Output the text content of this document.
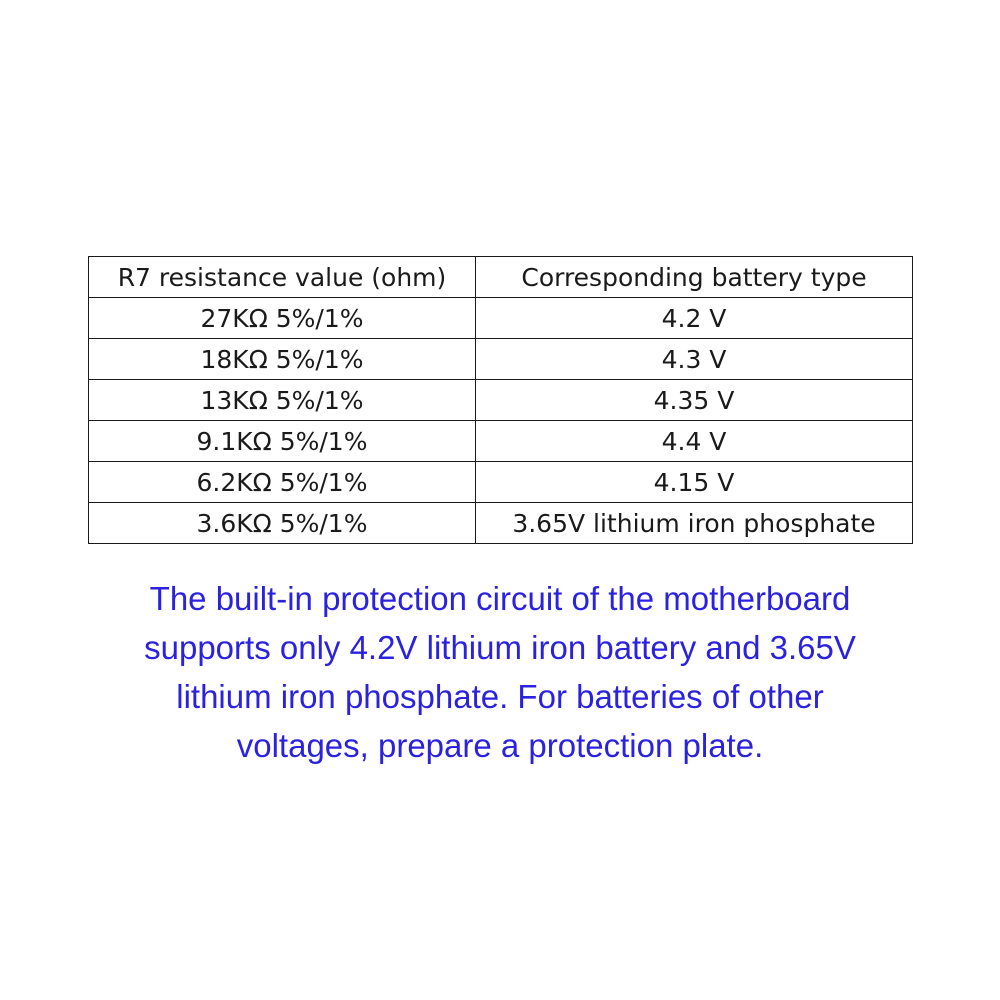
R7 resistance value (ohm)	Corresponding battery type
27KΩ 5%/1%	4.2 V
18KΩ 5%/1%	4.3 V
13KΩ 5%/1%	4.35 V
9.1KΩ 5%/1%	4.4 V
6.2KΩ 5%/1%	4.15 V
3.6KΩ 5%/1%	3.65V lithium iron phosphate

The built-in protection circuit of the motherboard
supports only 4.2V lithium iron battery and 3.65V
lithium iron phosphate. For batteries of other
voltages, prepare a protection plate.
